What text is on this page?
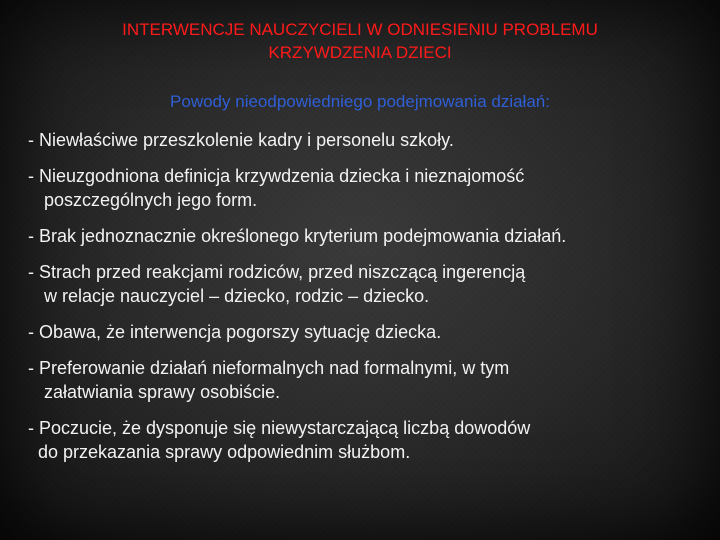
INTERWENCJE NAUCZYCIELI W ODNIESIENIU PROBLEMU
KRZYWDZENIA DZIECI
Powody nieodpowiedniego podejmowania działań:
- Niewłaściwe przeszkolenie kadry i personelu szkoły.
- Nieuzgodniona definicja krzywdzenia dziecka i nieznajomość
poszczególnych jego form.
- Brak jednoznacznie określonego kryterium podejmowania działań.
- Strach przed reakcjami rodziców, przed niszczącą ingerencją
w relacje nauczyciel – dziecko, rodzic – dziecko.
- Obawa, że interwencja pogorszy sytuację dziecka.
- Preferowanie działań nieformalnych nad formalnymi, w tym
załatwiania sprawy osobiście.
- Poczucie, że dysponuje się niewystarczającą liczbą dowodów
do przekazania sprawy odpowiednim służbom.
